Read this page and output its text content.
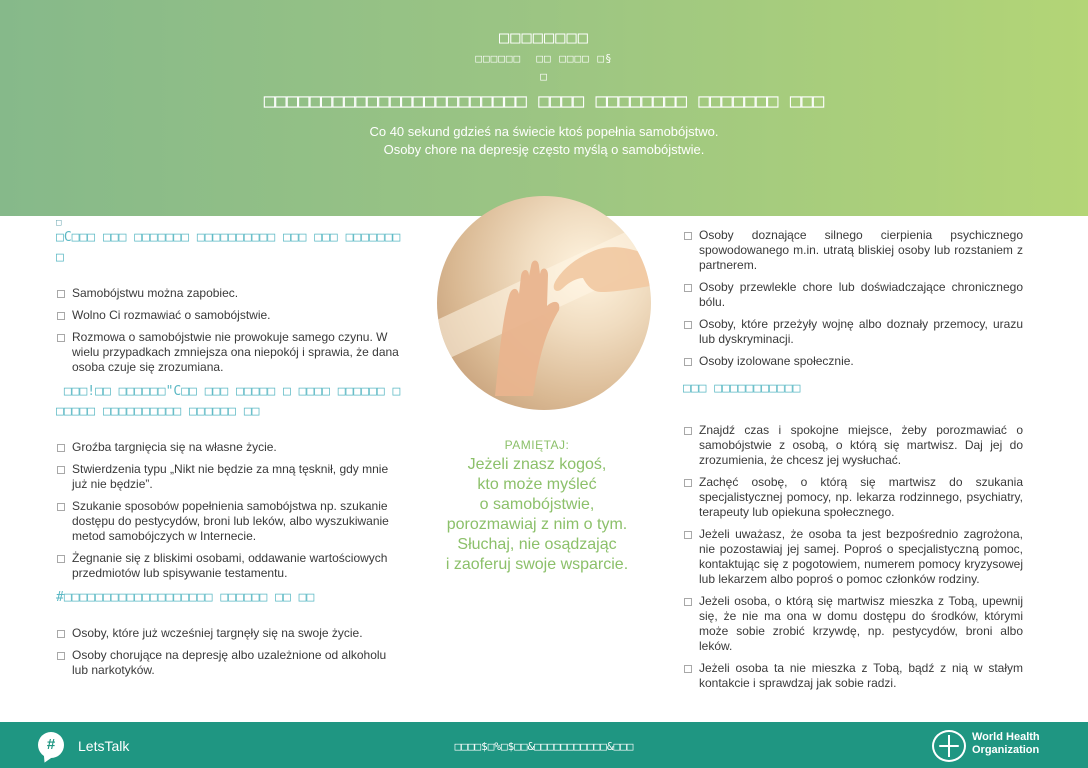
□□□□□□□□
□□□□□□  □□ □□□□ □§
□
□□□□□□□□□□□□□□□□□□□□□□□ □□□□ □□□□□□□□ □□□□□□□ □□□
Co 40 sekund gdzieś na świecie ktoś popełnia samobójstwo.
Osoby chore na depresję często myślą o samobójstwie.
□
□C□□□ □□□ □□□□□□□ □□□□□□□□□□ □□□ □□□ □□□□□□□□
Samobójstwu można zapobiec.
Wolno Ci rozmawiać o samobójstwie.
Rozmowa o samobójstwie nie prowokuje samego czynu. W wielu przypadkach zmniejsza ona niepokój i sprawia, że dana osoba czuje się zrozumiana.
□□□!□□ □□□□□□"C□□ □□□ □□□□□ □ □□□□ □□□□□□ □□□□□□ □□□□□□□□□□ □□□□□□ □□
Groźba targnięcia się na własne życie.
Stwierdzenia typu „Nikt nie będzie za mną tęsknił, gdy mnie już nie będzie”.
Szukanie sposobów popełnienia samobójstwa np. szukanie dostępu do pestycydów, broni lub leków, albo wyszukiwanie metod samobójczych w Internecie.
Żegnanie się z bliskimi osobami, oddawanie wartościowych przedmiotów lub spisywanie testamentu.
#□□□□□□□□□□□□□□□□□□□ □□□□□□ □□ □□
Osoby, które już wcześniej targnęły się na swoje życie.
Osoby chorujące na depresję albo uzależnione od alkoholu lub narkotyków.
PAMIĘTAJ:
Jeżeli znasz kogoś,
kto może myśleć
o samobójstwie,
porozmawiaj z nim o tym.
Słuchaj, nie osądzając
i zaoferuj swoje wsparcie.
Osoby doznające silnego cierpienia psychicznego spowodowanego m.in. utratą bliskiej osoby lub rozstaniem z partnerem.
Osoby przewlekle chore lub doświadczające chronicznego bólu.
Osoby, które przeżyły wojnę albo doznały przemocy, urazu lub dyskryminacji.
Osoby izolowane społecznie.
□□□ □□□□□□□□□□□
Znajdź czas i spokojne miejsce, żeby porozmawiać o samobójstwie z osobą, o którą się martwisz. Daj jej do zrozumienia, że chcesz jej wysłuchać.
Zachęć osobę, o którą się martwisz do szukania specjalistycznej pomocy, np. lekarza rodzinnego, psychiatry, terapeuty lub opiekuna społecznego.
Jeżeli uważasz, że osoba ta jest bezpośrednio zagrożona, nie pozostawiaj jej samej. Poproś o specjalistyczną pomoc, kontaktując się z pogotowiem, numerem pomocy kryzysowej lub lekarzem albo poproś o pomoc członków rodziny.
Jeżeli osoba, o którą się martwisz mieszka z Tobą, upewnij się, że nie ma ona w domu dostępu do środków, którymi może sobie zrobić krzywdę, np. pestycydów, broni albo leków.
Jeżeli osoba ta nie mieszka z Tobą, bądź z nią w stałym kontakcie i sprawdzaj jak sobie radzi.
#	LetsTalk	□□□□$□%□$□□&□□□□□□□□□□□&□□□
World Health
Organization
